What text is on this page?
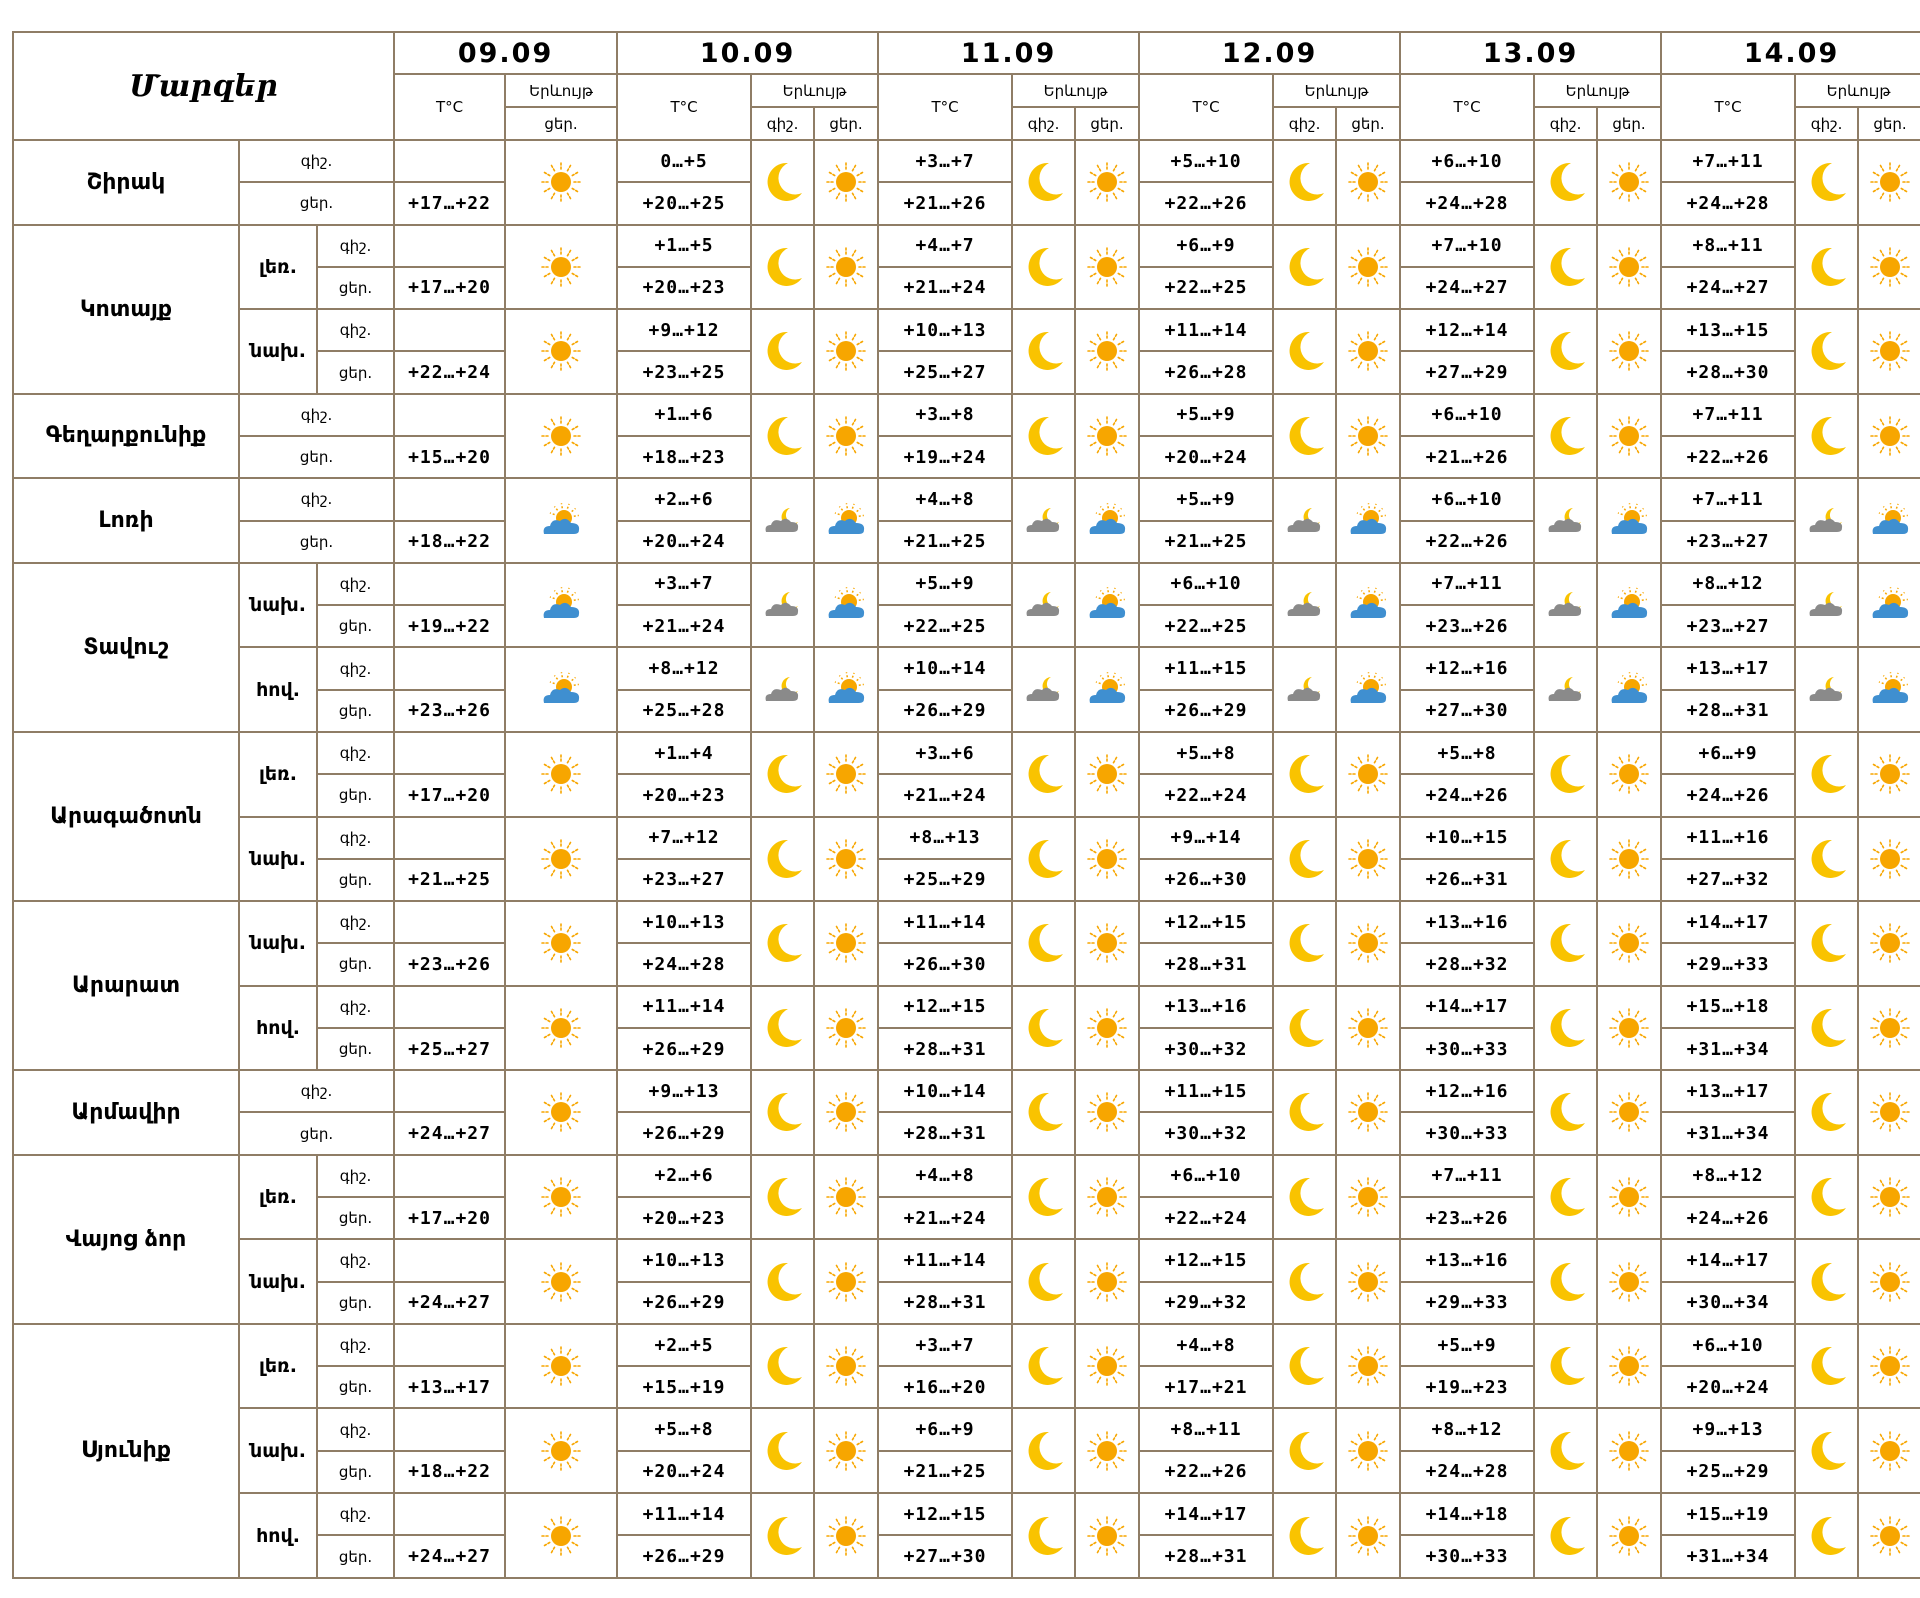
Մարզեր			09.09		10.09			11.09			12.09			13.09			14.09		
			T°C	Երևույթ	T°C	Երևույթ		T°C	Երևույթ		T°C	Երևույթ		T°C	Երևույթ		T°C	Երևույթ	
				ցեր.		գիշ.	ցեր.		գիշ.	ցեր.		գիշ.	ցեր.		գիշ.	ցեր.		գիշ.	ցեր.
Շիրակ	գիշ.				0…+5			+3…+7			+5…+10			+6…+10			+7…+11	

	ցեր.		+17…+22		+20…+25			+21…+26			+22…+26			+24…+28			+24…+28		
Կոտայք	լեռ.	գիշ.			+1…+5			+4…+7			+6…+9			+7…+10			+8…+11	

		ցեր.	+17…+20		+20…+23			+21…+24			+22…+25			+24…+27			+24…+27		
	նախ.	գիշ.			+9…+12			+10…+13			+11…+14			+12…+14			+13…+15	

		ցեր.	+22…+24		+23…+25			+25…+27			+26…+28			+27…+29			+28…+30		
Գեղարքունիք	գիշ.				+1…+6			+3…+8			+5…+9			+6…+10			+7…+11	

	ցեր.		+15…+20		+18…+23			+19…+24			+20…+24			+21…+26			+22…+26		
Լոռի	գիշ.				+2…+6			+4…+8			+5…+9			+6…+10			+7…+11	

	ցեր.		+18…+22		+20…+24			+21…+25			+21…+25			+22…+26			+23…+27		
Տավուշ	նախ.	գիշ.			+3…+7			+5…+9			+6…+10			+7…+11			+8…+12	

		ցեր.	+19…+22		+21…+24			+22…+25			+22…+25			+23…+26			+23…+27		
	հով.	գիշ.			+8…+12			+10…+14			+11…+15			+12…+16			+13…+17	

		ցեր.	+23…+26		+25…+28			+26…+29			+26…+29			+27…+30			+28…+31		
Արագածոտն	լեռ.	գիշ.			+1…+4			+3…+6			+5…+8			+5…+8			+6…+9	

		ցեր.	+17…+20		+20…+23			+21…+24			+22…+24			+24…+26			+24…+26		
	նախ.	գիշ.			+7…+12			+8…+13			+9…+14			+10…+15			+11…+16	

		ցեր.	+21…+25		+23…+27			+25…+29			+26…+30			+26…+31			+27…+32		
Արարատ	նախ.	գիշ.			+10…+13			+11…+14			+12…+15			+13…+16			+14…+17	

		ցեր.	+23…+26		+24…+28			+26…+30			+28…+31			+28…+32			+29…+33		
	հով.	գիշ.			+11…+14			+12…+15			+13…+16			+14…+17			+15…+18	

		ցեր.	+25…+27		+26…+29			+28…+31			+30…+32			+30…+33			+31…+34		
Արմավիր	գիշ.				+9…+13			+10…+14			+11…+15			+12…+16			+13…+17	

	ցեր.		+24…+27		+26…+29			+28…+31			+30…+32			+30…+33			+31…+34		
Վայոց ձոր	լեռ.	գիշ.			+2…+6			+4…+8			+6…+10			+7…+11			+8…+12	

		ցեր.	+17…+20		+20…+23			+21…+24			+22…+24			+23…+26			+24…+26		
	նախ.	գիշ.			+10…+13			+11…+14			+12…+15			+13…+16			+14…+17	

		ցեր.	+24…+27		+26…+29			+28…+31			+29…+32			+29…+33			+30…+34		
Սյունիք	լեռ.	գիշ.			+2…+5			+3…+7			+4…+8			+5…+9			+6…+10	

		ցեր.	+13…+17		+15…+19			+16…+20			+17…+21			+19…+23			+20…+24		
	նախ.	գիշ.			+5…+8			+6…+9			+8…+11			+8…+12			+9…+13	

		ցեր.	+18…+22		+20…+24			+21…+25			+22…+26			+24…+28			+25…+29		
	հով.	գիշ.			+11…+14			+12…+15			+14…+17			+14…+18			+15…+19	

		ցեր.	+24…+27		+26…+29			+27…+30			+28…+31			+30…+33			+31…+34		
